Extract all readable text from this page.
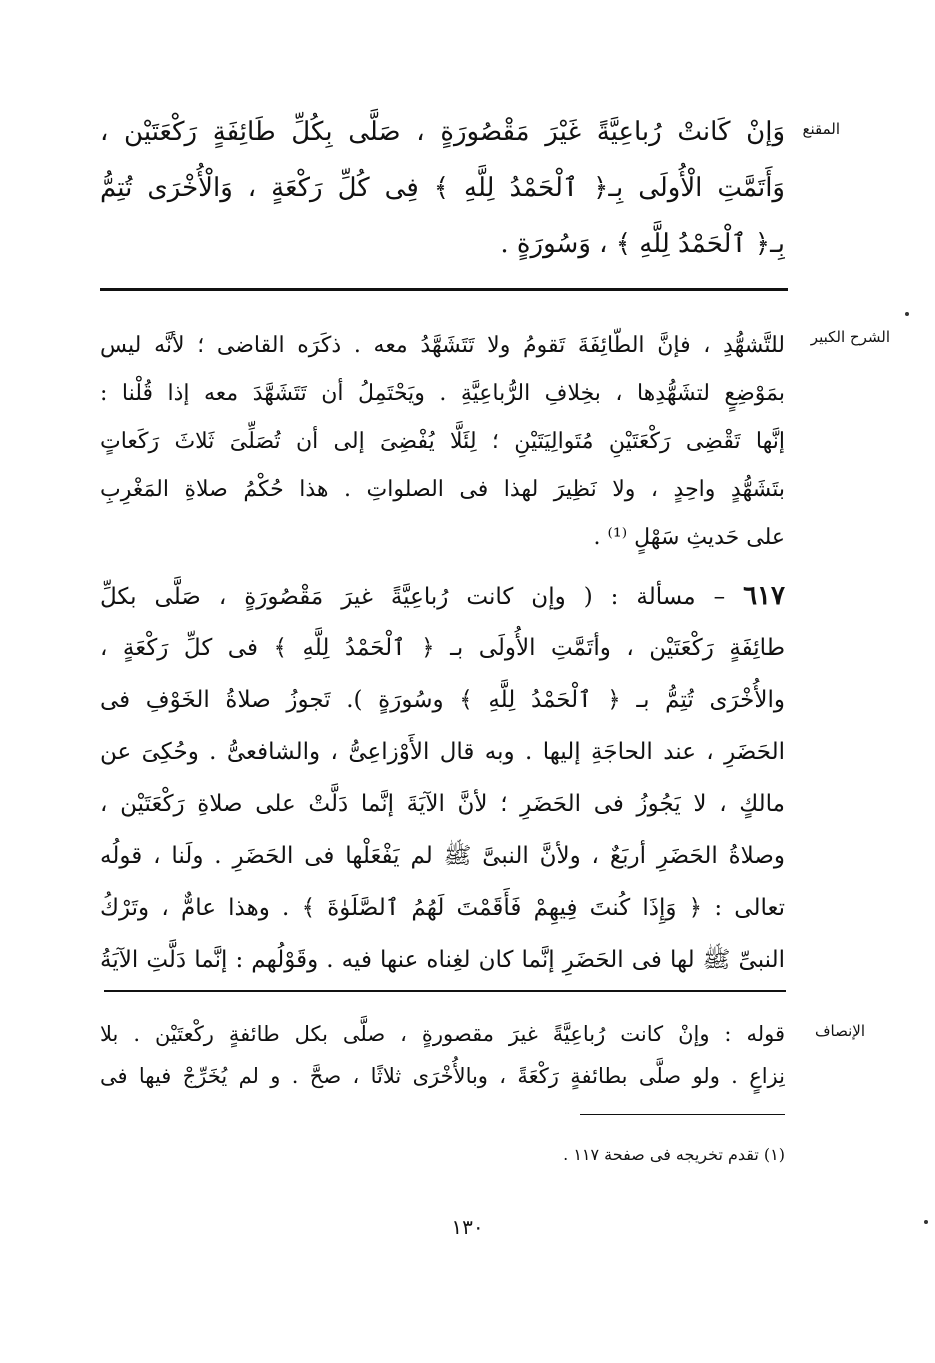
المقنع
الشرح الكبير
الإنصاف
وَإنْ كَانتْ رُباعِيَّةً غَيْرَ مَقْصُورَةٍ ، صَلَّى بِكُلِّ طَائِفَةٍ رَكْعَتَيْن ،
وَأَتَمَّتِ الْأُولَى بِـ﴿ ٱلْحَمْدُ لِلَّهِ ﴾ فِى كُلِّ رَكْعَةٍ ، وَالْأُخْرَى تُتِمُّ
بِـ﴿ ٱلْحَمْدُ لِلَّهِ ﴾ ، وَسُورَةٍ .
للتَّشهُّدِ ، فإنَّ الطّائِفَةَ تَقومُ ولا تَتَشَهَّدُ معه . ذكَرَه القاضى ؛ لأنَّه ليس
بمَوْضِعٍ لتشَهُّدِها ، بخِلافِ الرُّباعِيَّةِ . ويَحْتَمِلُ أن تَتَشَهَّدَ معه إذا قُلْنا :
إنَّها تَقْضِى رَكْعَتَيْنِ مُتَوالِيَتَيْنِ ؛ لِئَلَّا يُفْضِىَ إلى أن تُصَلِّىَ ثَلاثَ رَكَعاتٍ
بتَشَهُّدٍ واحِدٍ ، ولا نَظِيرَ لهذا فى الصلواتِ . هذا حُكْمُ صلاةِ المَغْرِبِ
على حَديثِ سَهْلٍ ⁽¹⁾ .
٦١٧ – مسألة : ( وإن كانت رُباعِيَّةً غيرَ مَقْصُورَةٍ ، صَلَّى بكلِّ
طائِفَةٍ رَكْعَتَيْن ، وأتَمَّتِ الأُولَى بـ ﴿ ٱلْحَمْدُ لِلَّهِ ﴾ فى كلِّ رَكْعَةٍ ،
والأُخْرَى تُتِمُّ بـ ﴿ ٱلْحَمْدُ لِلَّهِ ﴾ وسُورَةٍ ). تَجوزُ صلاةُ الخَوْفِ فى
الحَضَرِ ، عند الحاجَةِ إليها . وبه قال الأَوْزاعِىُّ ، والشافعىُّ . وحُكِىَ عن
مالكٍ ، لا يَجُوزُ فى الحَضَرِ ؛ لأنَّ الآيَةَ إنَّما دَلَّتْ على صلاةِ رَكْعَتَيْن ،
وصلاةُ الحَضَرِ أربَعٌ ، ولأنَّ النبىَّ ﷺ لم يَفْعَلْها فى الحَضَرِ . ولَنا ، قولُه
تعالى : ﴿ وَإِذَا كُنتَ فِيهِمْ فَأَقَمْتَ لَهُمُ ٱلصَّلَوٰةَ ﴾ . وهذا عامٌّ ، وتَرْكُ
النبىِّ ﷺ لها فى الحَضَرِ إنَّما كان لغِناه عنها فيه . وقَوْلُهم : إنَّما دَلَّتِ الآيَةُ
قوله : وإنْ كانت رُباعِيَّةً غيرَ مقصورةٍ ، صلَّى بكل طائفةٍ ركْعتَيْن . بلا
نِزاعٍ . ولو صلَّى بطائفةٍ رَكْعَةً ، وبالأُخْرَى ثلاثًا ، صحَّ . و لم يُخَرِّجْ فيها فى
(١) تقدم تخريجه فى صفحة ١١٧ .
١٣٠
